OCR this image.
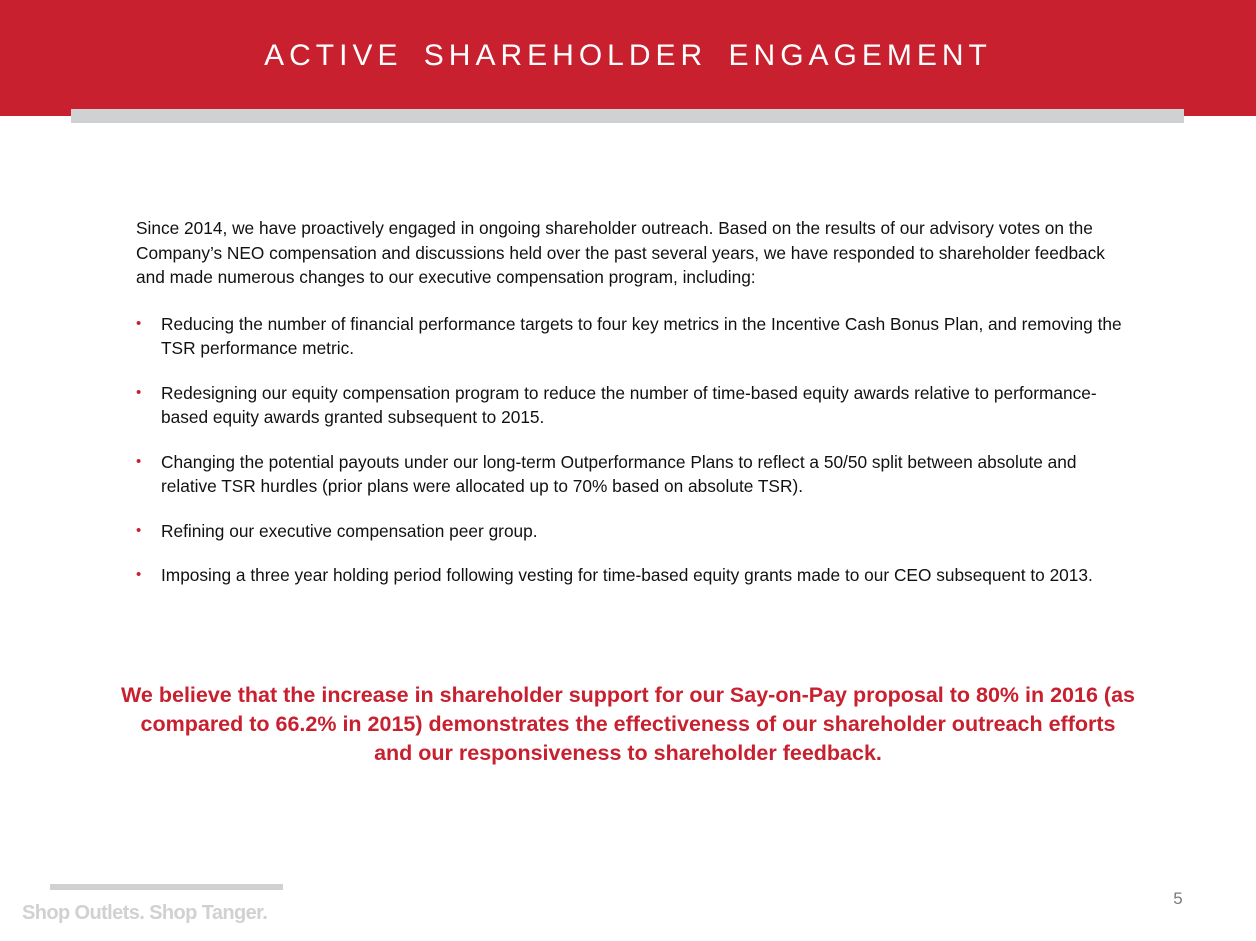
ACTIVE SHAREHOLDER ENGAGEMENT

Since 2014, we have proactively engaged in ongoing shareholder outreach. Based on the results of our advisory votes on the Company’s NEO compensation and discussions held over the past several years, we have responded to shareholder feedback and made numerous changes to our executive compensation program, including:

• Reducing the number of financial performance targets to four key metrics in the Incentive Cash Bonus Plan, and removing the TSR performance metric.
• Redesigning our equity compensation program to reduce the number of time-based equity awards relative to performance-based equity awards granted subsequent to 2015.
• Changing the potential payouts under our long-term Outperformance Plans to reflect a 50/50 split between absolute and relative TSR hurdles (prior plans were allocated up to 70% based on absolute TSR).
• Refining our executive compensation peer group.
• Imposing a three year holding period following vesting for time-based equity grants made to our CEO subsequent to 2013.

We believe that the increase in shareholder support for our Say-on-Pay proposal to 80% in 2016 (as compared to 66.2% in 2015) demonstrates the effectiveness of our shareholder outreach efforts and our responsiveness to shareholder feedback.

Shop Outlets. Shop Tanger.
5
